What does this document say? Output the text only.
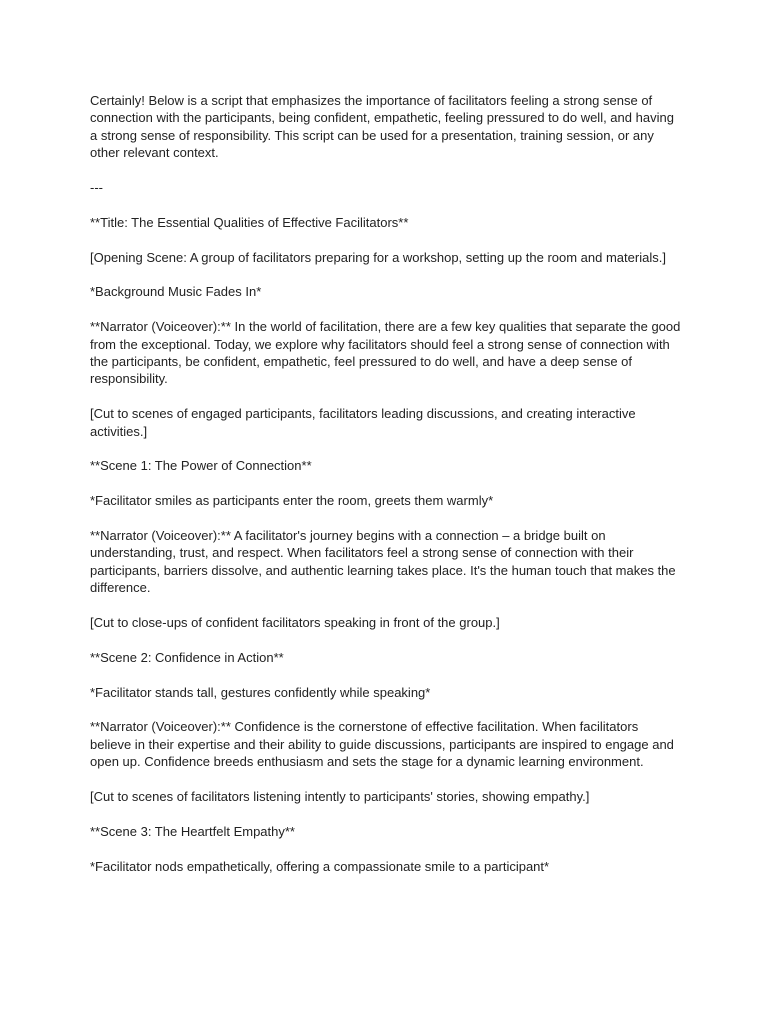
Certainly! Below is a script that emphasizes the importance of facilitators feeling a strong sense of connection with the participants, being confident, empathetic, feeling pressured to do well, and having a strong sense of responsibility. This script can be used for a presentation, training session, or any other relevant context.

---

**Title: The Essential Qualities of Effective Facilitators**

[Opening Scene: A group of facilitators preparing for a workshop, setting up the room and materials.]

*Background Music Fades In*

**Narrator (Voiceover):** In the world of facilitation, there are a few key qualities that separate the good from the exceptional. Today, we explore why facilitators should feel a strong sense of connection with the participants, be confident, empathetic, feel pressured to do well, and have a deep sense of responsibility.

[Cut to scenes of engaged participants, facilitators leading discussions, and creating interactive activities.]

**Scene 1: The Power of Connection**

*Facilitator smiles as participants enter the room, greets them warmly*

**Narrator (Voiceover):** A facilitator's journey begins with a connection – a bridge built on understanding, trust, and respect. When facilitators feel a strong sense of connection with their participants, barriers dissolve, and authentic learning takes place. It's the human touch that makes the difference.

[Cut to close-ups of confident facilitators speaking in front of the group.]

**Scene 2: Confidence in Action**

*Facilitator stands tall, gestures confidently while speaking*

**Narrator (Voiceover):** Confidence is the cornerstone of effective facilitation. When facilitators believe in their expertise and their ability to guide discussions, participants are inspired to engage and open up. Confidence breeds enthusiasm and sets the stage for a dynamic learning environment.

[Cut to scenes of facilitators listening intently to participants' stories, showing empathy.]

**Scene 3: The Heartfelt Empathy**

*Facilitator nods empathetically, offering a compassionate smile to a participant*
